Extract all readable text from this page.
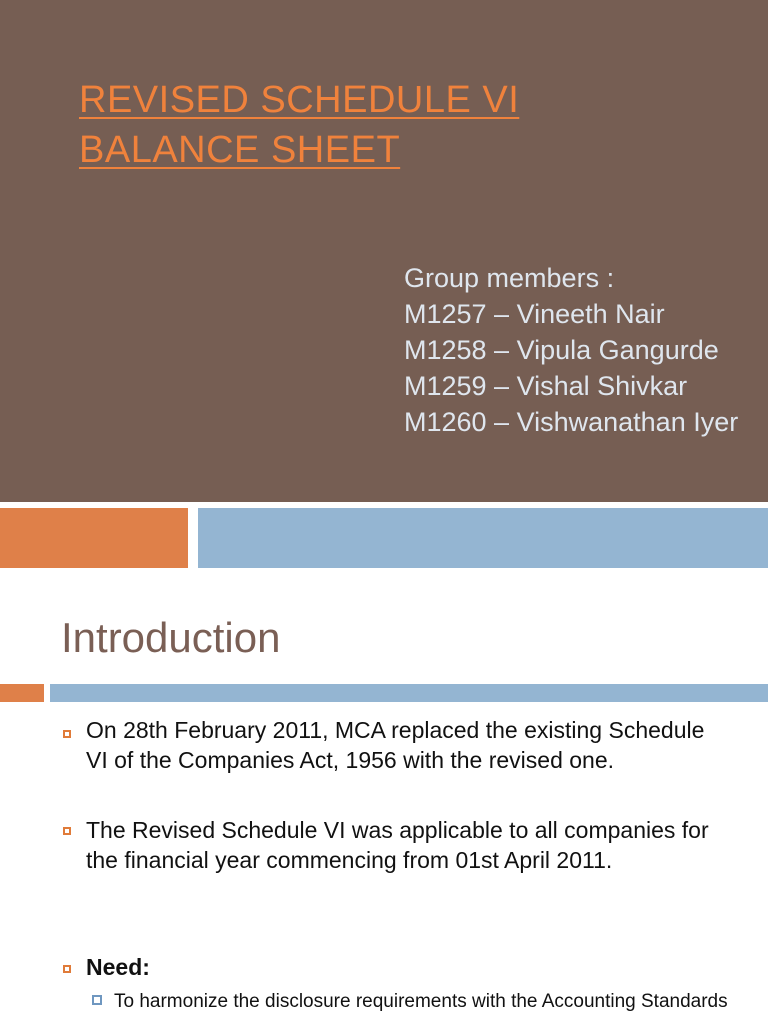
REVISED SCHEDULE VI
BALANCE SHEET
Group members :
M1257 – Vineeth Nair
M1258 – Vipula Gangurde
M1259 – Vishal Shivkar
M1260 – Vishwanathan Iyer
Introduction

On 28th February 2011, MCA replaced the existing Schedule VI of the Companies Act, 1956 with the revised one.

The Revised Schedule VI was applicable to all companies for the financial year commencing from 01st April 2011.

Need:

To harmonize the disclosure requirements with the Accounting Standards
